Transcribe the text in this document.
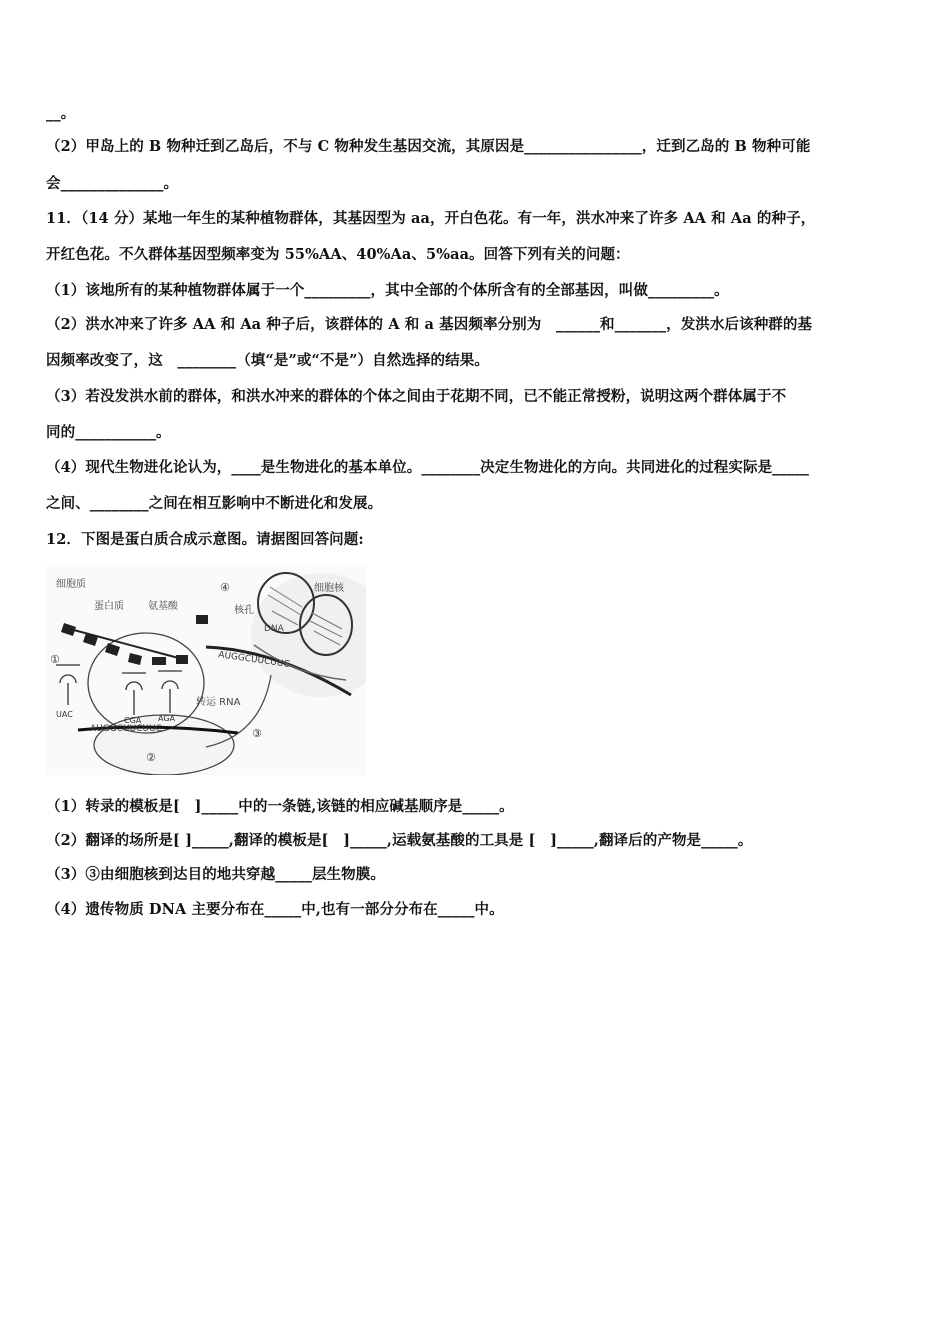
__。
（2）甲岛上的 B 物种迁到乙岛后，不与 C 物种发生基因交流，其原因是________________，迁到乙岛的 B 物种可能
会______________。
11．（14 分）某地一年生的某种植物群体，其基因型为 aa，开白色花。有一年，洪水冲来了许多 AA 和 Aa 的种子，
开红色花。不久群体基因型频率变为 55%AA、40%Aa、5%aa。回答下列有关的问题：
（1）该地所有的某种植物群体属于一个_________，其中全部的个体所含有的全部基因，叫做_________。
（2）洪水冲来了许多 AA 和 Aa 种子后，该群体的 A 和 a 基因频率分别为　______和_______，发洪水后该种群的基
因频率改变了，这　________（填“是”或“不是”）自然选择的结果。
（3）若没发洪水前的群体，和洪水冲来的群体的个体之间由于花期不同，已不能正常授粉，说明这两个群体属于不
同的___________。
（4）现代生物进化论认为，____是生物进化的基本单位。________决定生物进化的方向。共同进化的过程实际是_____
之间、________之间在相互影响中不断进化和发展。
12．下图是蛋白质合成示意图。请据图回答问题:
细胞质
蛋白质 氨基酸
细胞核
核孔
DNA
转运 RNA
④
①
②
③
AUGGCUUCUUC
AUGGCUUCUUC
UAC
CGA AGA
（1）转录的模板是[　]_____中的一条链,该链的相应碱基顺序是_____。
（2）翻译的场所是[ ]_____,翻译的模板是[　]_____,运载氨基酸的工具是 [　]_____,翻译后的产物是_____。
（3）③由细胞核到达目的地共穿越_____层生物膜。
（4）遗传物质 DNA 主要分布在_____中,也有一部分分布在_____中。
